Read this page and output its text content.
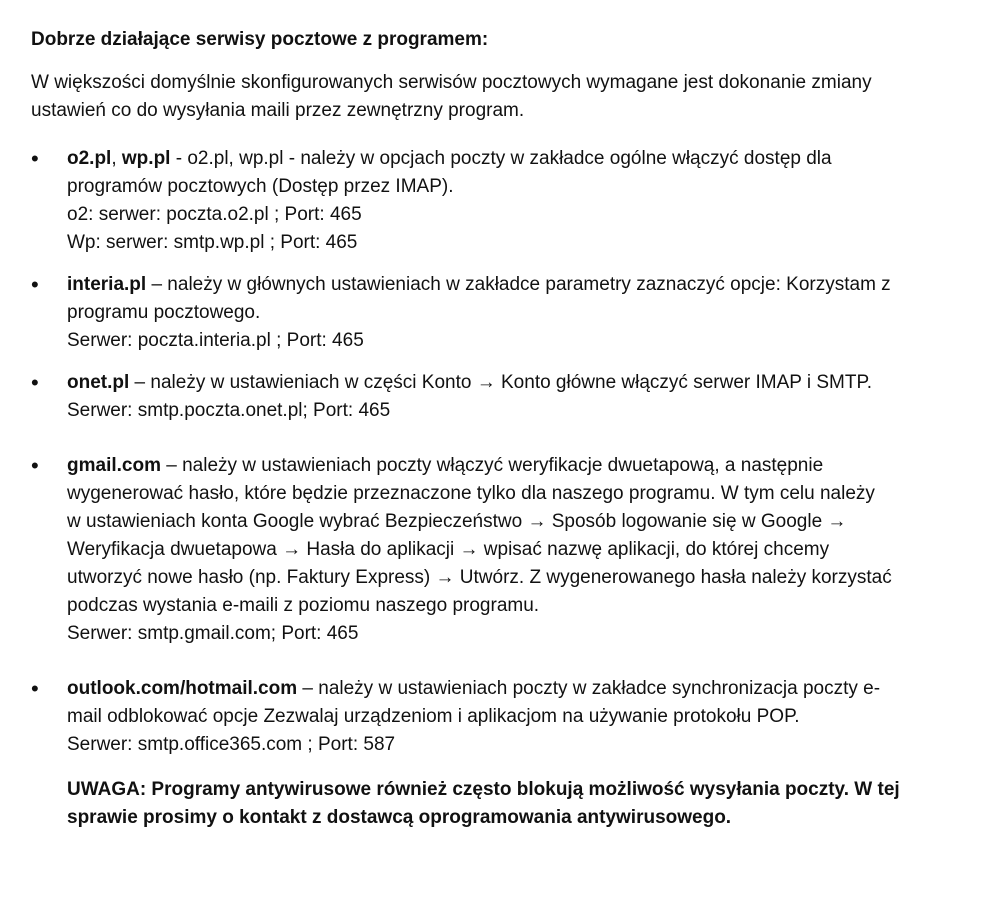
Dobrze działające serwisy pocztowe z programem:
W większości domyślnie skonfigurowanych serwisów pocztowych wymagane jest dokonanie zmiany
ustawień co do wysyłania maili przez zewnętrzny program.
•	o2.pl, wp.pl - o2.pl, wp.pl - należy w opcjach poczty w zakładce ogólne włączyć dostęp dla
programów pocztowych (Dostęp przez IMAP).
o2: serwer: poczta.o2.pl ; Port: 465
Wp: serwer: smtp.wp.pl ; Port: 465
•	interia.pl – należy w głównych ustawieniach w zakładce parametry zaznaczyć opcje: Korzystam z
programu pocztowego.
Serwer: poczta.interia.pl ; Port: 465
•	onet.pl – należy w ustawieniach w części Konto → Konto główne włączyć serwer IMAP i SMTP.
Serwer: smtp.poczta.onet.pl; Port: 465
•	gmail.com – należy w ustawieniach poczty włączyć weryfikacje dwuetapową, a następnie
wygenerować hasło, które będzie przeznaczone tylko dla naszego programu. W tym celu należy
w ustawieniach konta Google wybrać Bezpieczeństwo → Sposób logowanie się w Google →
Weryfikacja dwuetapowa → Hasła do aplikacji → wpisać nazwę aplikacji, do której chcemy
utworzyć nowe hasło (np. Faktury Express) → Utwórz. Z wygenerowanego hasła należy korzystać
podczas wystania e-maili z poziomu naszego programu.
Serwer: smtp.gmail.com; Port: 465
•	outlook.com/hotmail.com – należy w ustawieniach poczty w zakładce synchronizacja poczty e-
mail odblokować opcje Zezwalaj urządzeniom i aplikacjom na używanie protokołu POP.
Serwer: smtp.office365.com ; Port: 587
UWAGA: Programy antywirusowe również często blokują możliwość wysyłania poczty. W tej
sprawie prosimy o kontakt z dostawcą oprogramowania antywirusowego.
